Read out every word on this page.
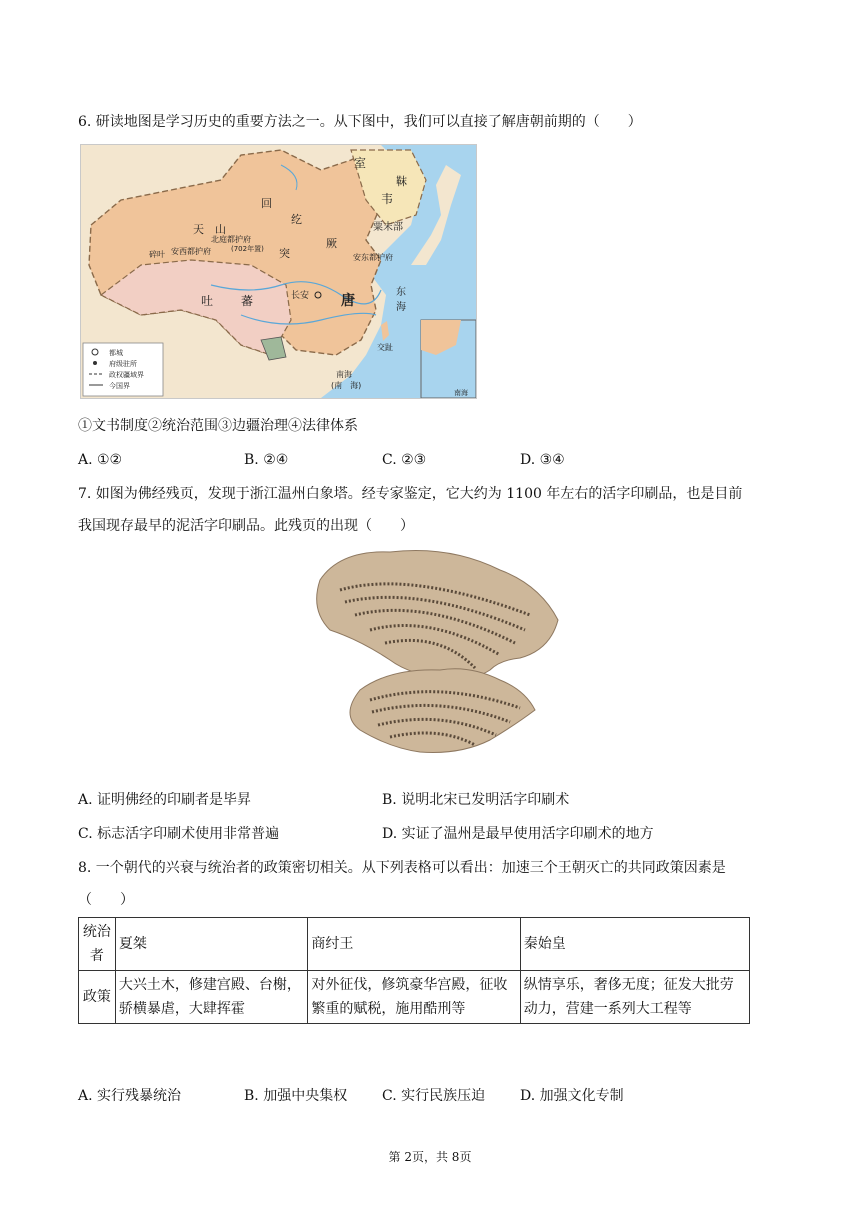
6. 研读地图是学习历史的重要方法之一。从下图中，我们可以直接了解唐朝前期的（　　）
都城
府级驻所
政权疆域界
今国界
室
韦
靺
粟末部
回
纥
天　山
北庭都护府
(702年置)
安西都护府
碎叶	突
厥
安东都护府
吐 蕃	长安 唐
东
海
南海
(南　海)
交趾
南海
①文书制度②统治范围③边疆治理④法律体系
A. ①②	B. ②④	C. ②③	D. ③④
7. 如图为佛经残页，发现于浙江温州白象塔。经专家鉴定，它大约为 1100 年左右的活字印刷品，也是目前
我国现存最早的泥活字印刷品。此残页的出现（　　）
A. 证明佛经的印刷者是毕昇	B. 说明北宋已发明活字印刷术
C. 标志活字印刷术使用非常普遍	D. 实证了温州是最早使用活字印刷术的地方
8. 一个朝代的兴衰与统治者的政策密切相关。从下列表格可以看出：加速三个王朝灭亡的共同政策因素是
（　　）
统治者	夏桀	商纣王	秦始皇
政策	大兴土木，修建宫殿、台榭，骄横暴虐，大肆挥霍	对外征伐，修筑豪华宫殿，征收繁重的赋税，施用酷刑等	纵情享乐，奢侈无度；征发大批劳动力，营建一系列大工程等
A. 实行残暴统治	B. 加强中央集权 C. 实行民族压迫 D. 加强文化专制
第 2页，共 8页
